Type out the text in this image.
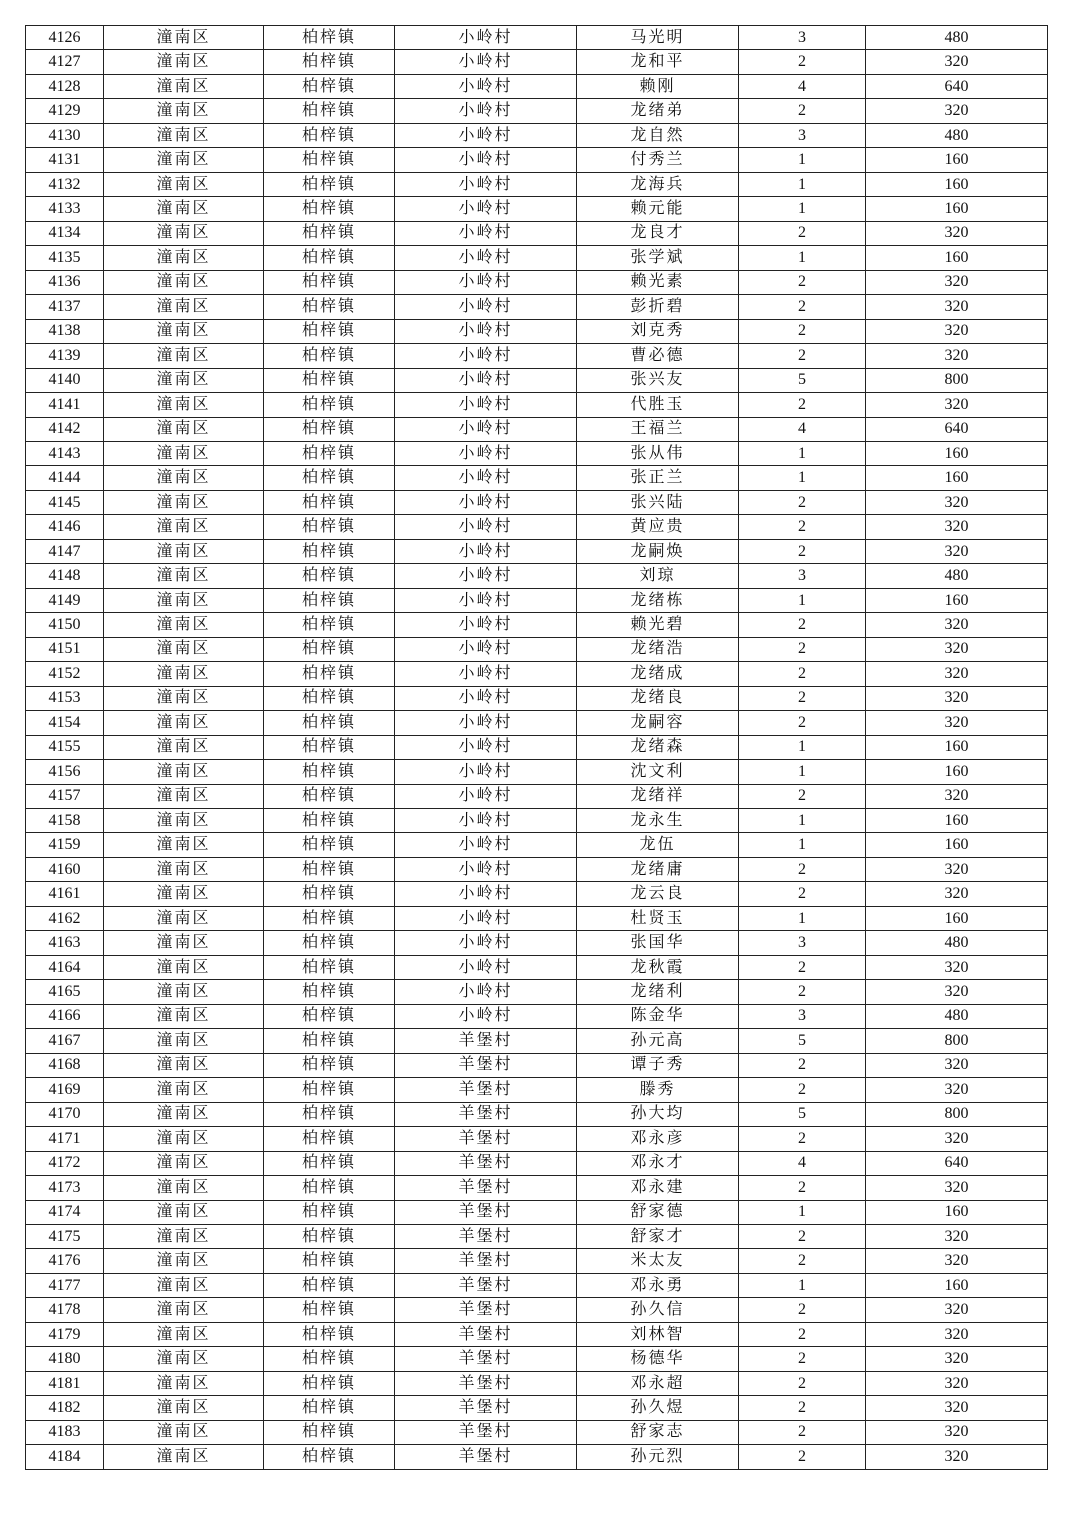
4126	潼南区	柏梓镇	小岭村	马光明	3	480
4127	潼南区	柏梓镇	小岭村	龙和平	2	320
4128	潼南区	柏梓镇	小岭村	赖刚	4	640
4129	潼南区	柏梓镇	小岭村	龙绪弟	2	320
4130	潼南区	柏梓镇	小岭村	龙自然	3	480
4131	潼南区	柏梓镇	小岭村	付秀兰	1	160
4132	潼南区	柏梓镇	小岭村	龙海兵	1	160
4133	潼南区	柏梓镇	小岭村	赖元能	1	160
4134	潼南区	柏梓镇	小岭村	龙良才	2	320
4135	潼南区	柏梓镇	小岭村	张学斌	1	160
4136	潼南区	柏梓镇	小岭村	赖光素	2	320
4137	潼南区	柏梓镇	小岭村	彭折碧	2	320
4138	潼南区	柏梓镇	小岭村	刘克秀	2	320
4139	潼南区	柏梓镇	小岭村	曹必德	2	320
4140	潼南区	柏梓镇	小岭村	张兴友	5	800
4141	潼南区	柏梓镇	小岭村	代胜玉	2	320
4142	潼南区	柏梓镇	小岭村	王福兰	4	640
4143	潼南区	柏梓镇	小岭村	张从伟	1	160
4144	潼南区	柏梓镇	小岭村	张正兰	1	160
4145	潼南区	柏梓镇	小岭村	张兴陆	2	320
4146	潼南区	柏梓镇	小岭村	黄应贵	2	320
4147	潼南区	柏梓镇	小岭村	龙嗣焕	2	320
4148	潼南区	柏梓镇	小岭村	刘琼	3	480
4149	潼南区	柏梓镇	小岭村	龙绪栋	1	160
4150	潼南区	柏梓镇	小岭村	赖光碧	2	320
4151	潼南区	柏梓镇	小岭村	龙绪浩	2	320
4152	潼南区	柏梓镇	小岭村	龙绪成	2	320
4153	潼南区	柏梓镇	小岭村	龙绪良	2	320
4154	潼南区	柏梓镇	小岭村	龙嗣容	2	320
4155	潼南区	柏梓镇	小岭村	龙绪森	1	160
4156	潼南区	柏梓镇	小岭村	沈文利	1	160
4157	潼南区	柏梓镇	小岭村	龙绪祥	2	320
4158	潼南区	柏梓镇	小岭村	龙永生	1	160
4159	潼南区	柏梓镇	小岭村	龙伍	1	160
4160	潼南区	柏梓镇	小岭村	龙绪庸	2	320
4161	潼南区	柏梓镇	小岭村	龙云良	2	320
4162	潼南区	柏梓镇	小岭村	杜贤玉	1	160
4163	潼南区	柏梓镇	小岭村	张国华	3	480
4164	潼南区	柏梓镇	小岭村	龙秋霞	2	320
4165	潼南区	柏梓镇	小岭村	龙绪利	2	320
4166	潼南区	柏梓镇	小岭村	陈金华	3	480
4167	潼南区	柏梓镇	羊堡村	孙元高	5	800
4168	潼南区	柏梓镇	羊堡村	谭子秀	2	320
4169	潼南区	柏梓镇	羊堡村	滕秀	2	320
4170	潼南区	柏梓镇	羊堡村	孙大均	5	800
4171	潼南区	柏梓镇	羊堡村	邓永彦	2	320
4172	潼南区	柏梓镇	羊堡村	邓永才	4	640
4173	潼南区	柏梓镇	羊堡村	邓永建	2	320
4174	潼南区	柏梓镇	羊堡村	舒家德	1	160
4175	潼南区	柏梓镇	羊堡村	舒家才	2	320
4176	潼南区	柏梓镇	羊堡村	米太友	2	320
4177	潼南区	柏梓镇	羊堡村	邓永勇	1	160
4178	潼南区	柏梓镇	羊堡村	孙久信	2	320
4179	潼南区	柏梓镇	羊堡村	刘林智	2	320
4180	潼南区	柏梓镇	羊堡村	杨德华	2	320
4181	潼南区	柏梓镇	羊堡村	邓永超	2	320
4182	潼南区	柏梓镇	羊堡村	孙久煜	2	320
4183	潼南区	柏梓镇	羊堡村	舒家志	2	320
4184	潼南区	柏梓镇	羊堡村	孙元烈	2	320
